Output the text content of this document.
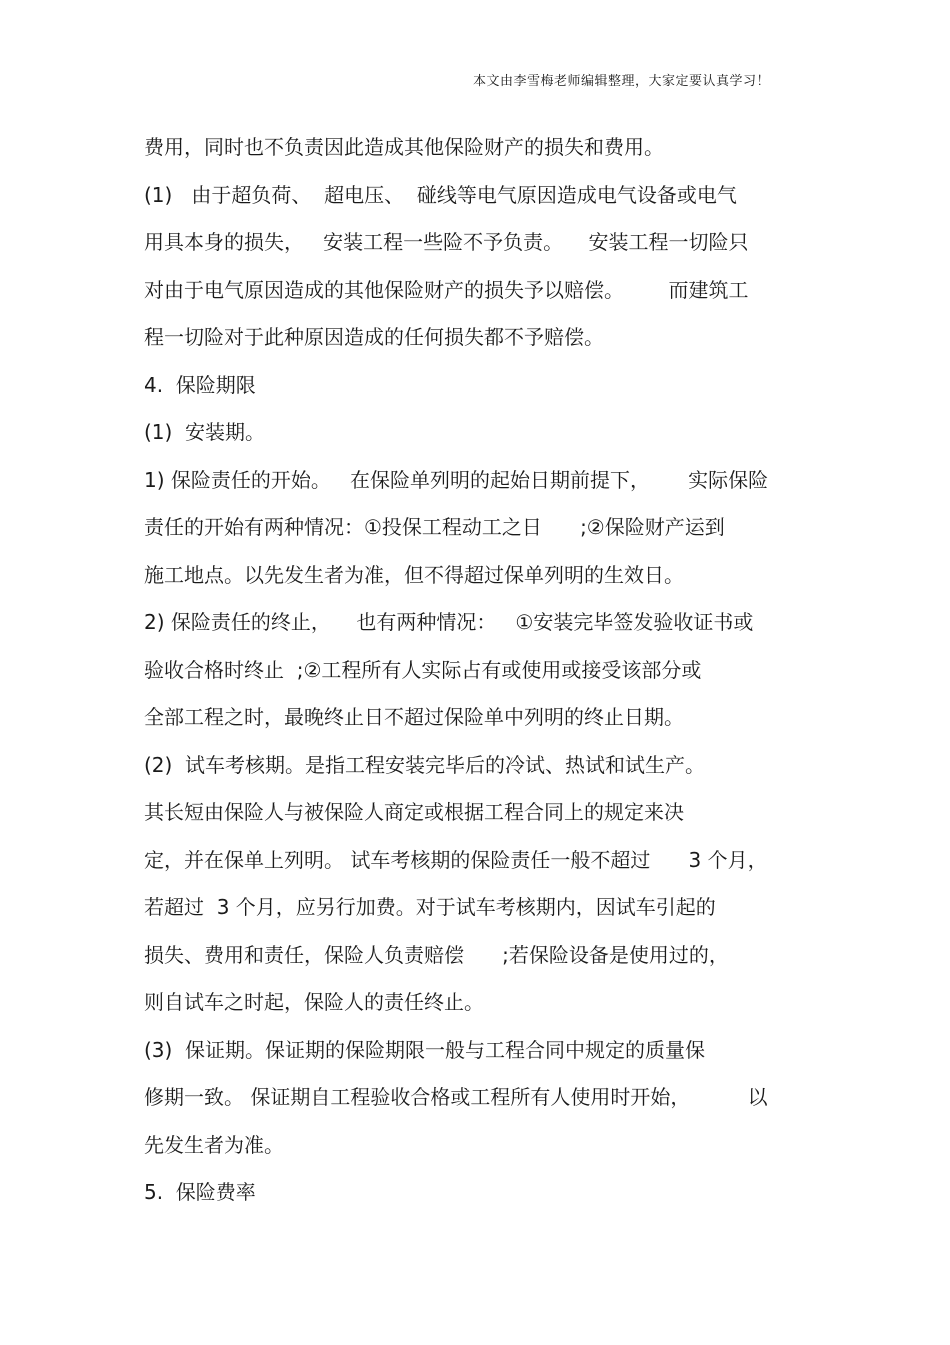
本文由李雪梅老师编辑整理，大家定要认真学习！
费用，同时也不负责因此造成其他保险财产的损失和费用。
(1)   由于超负荷、  超电压、  碰线等电气原因造成电气设备或电气
用具本身的损失，   安装工程一些险不予负责。    安装工程一切险只
对由于电气原因造成的其他保险财产的损失予以赔偿。       而建筑工
程一切险对于此种原因造成的任何损失都不予赔偿。
4.  保险期限
(1)  安装期。
1) 保险责任的开始。   在保险单列明的起始日期前提下，      实际保险
责任的开始有两种情况：①投保工程动工之日      ;②保险财产运到
施工地点。以先发生者为准，但不得超过保单列明的生效日。
2) 保险责任的终止，    也有两种情况：   ①安装完毕签发验收证书或
验收合格时终止  ;②工程所有人实际占有或使用或接受该部分或
全部工程之时，最晚终止日不超过保险单中列明的终止日期。
(2)  试车考核期。是指工程安装完毕后的冷试、热试和试生产。
其长短由保险人与被保险人商定或根据工程合同上的规定来决
定，并在保单上列明。 试车考核期的保险责任一般不超过      3 个月，
若超过  3 个月，应另行加费。对于试车考核期内，因试车引起的
损失、费用和责任，保险人负责赔偿      ;若保险设备是使用过的，
则自试车之时起，保险人的责任终止。
(3)  保证期。保证期的保险期限一般与工程合同中规定的质量保
修期一致。 保证期自工程验收合格或工程所有人使用时开始，         以
先发生者为准。
5.  保险费率
